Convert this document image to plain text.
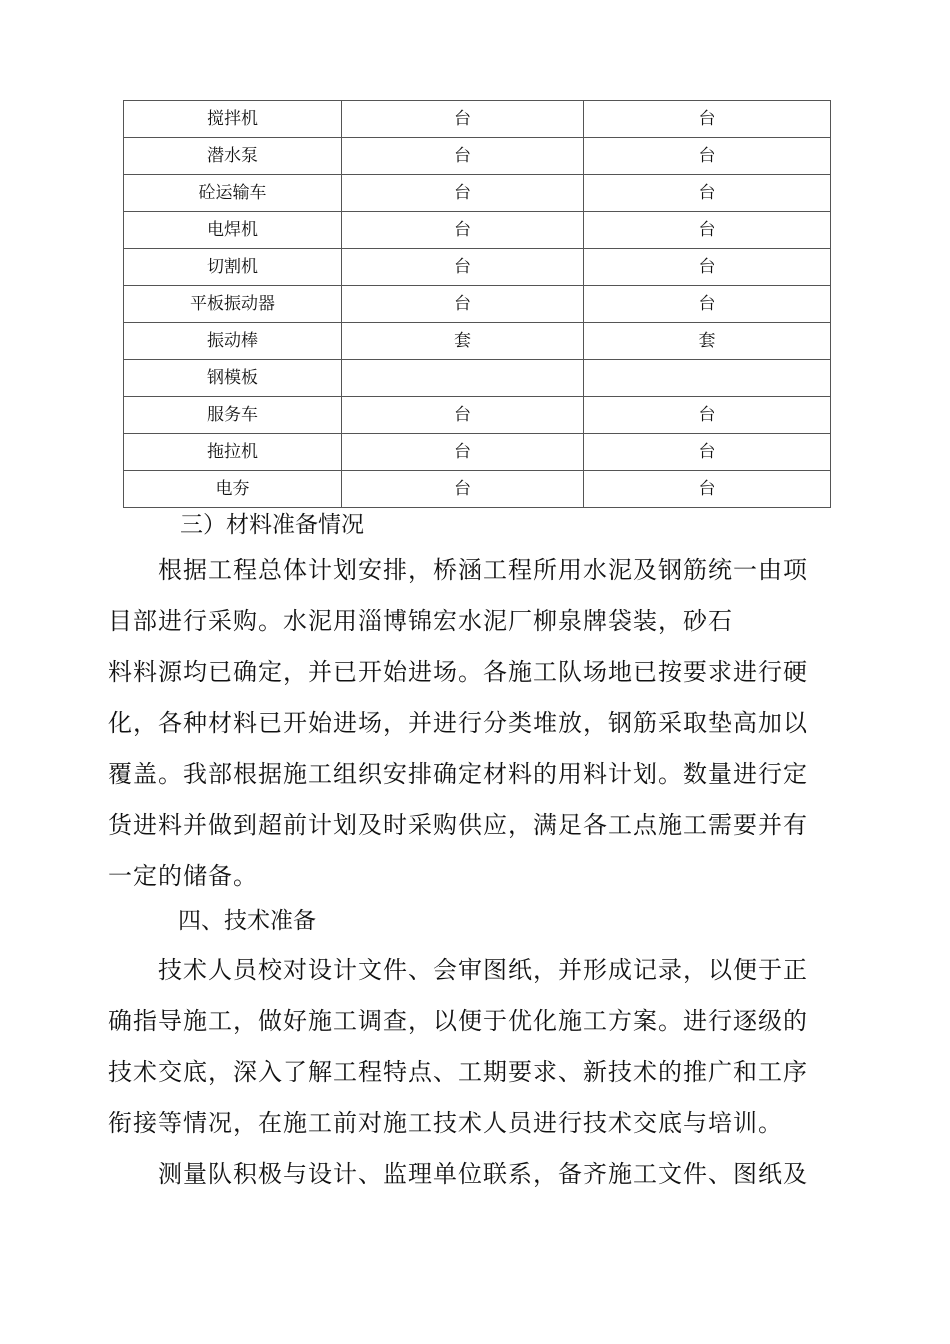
搅拌机	台	台
潜水泵	台	台
砼运输车	台	台
电焊机	台	台
切割机	台	台
平板振动器	台	台
振动棒	套	套
钢模板		
服务车	台	台
拖拉机	台	台
电夯	台	台
三）材料准备情况

根据工程总体计划安排，桥涵工程所用水泥及钢筋统一由项

目部进行采购。水泥用淄博锦宏水泥厂柳泉牌袋装，砂石

料料源均已确定，并已开始进场。各施工队场地已按要求进行硬

化，各种材料已开始进场，并进行分类堆放，钢筋采取垫高加以

覆盖。我部根据施工组织安排确定材料的用料计划。数量进行定

货进料并做到超前计划及时采购供应，满足各工点施工需要并有

一定的储备。

四、技术准备

技术人员校对设计文件、会审图纸，并形成记录，以便于正

确指导施工，做好施工调查，以便于优化施工方案。进行逐级的

技术交底，深入了解工程特点、工期要求、新技术的推广和工序

衔接等情况，在施工前对施工技术人员进行技术交底与培训。

测量队积极与设计、监理单位联系，备齐施工文件、图纸及
